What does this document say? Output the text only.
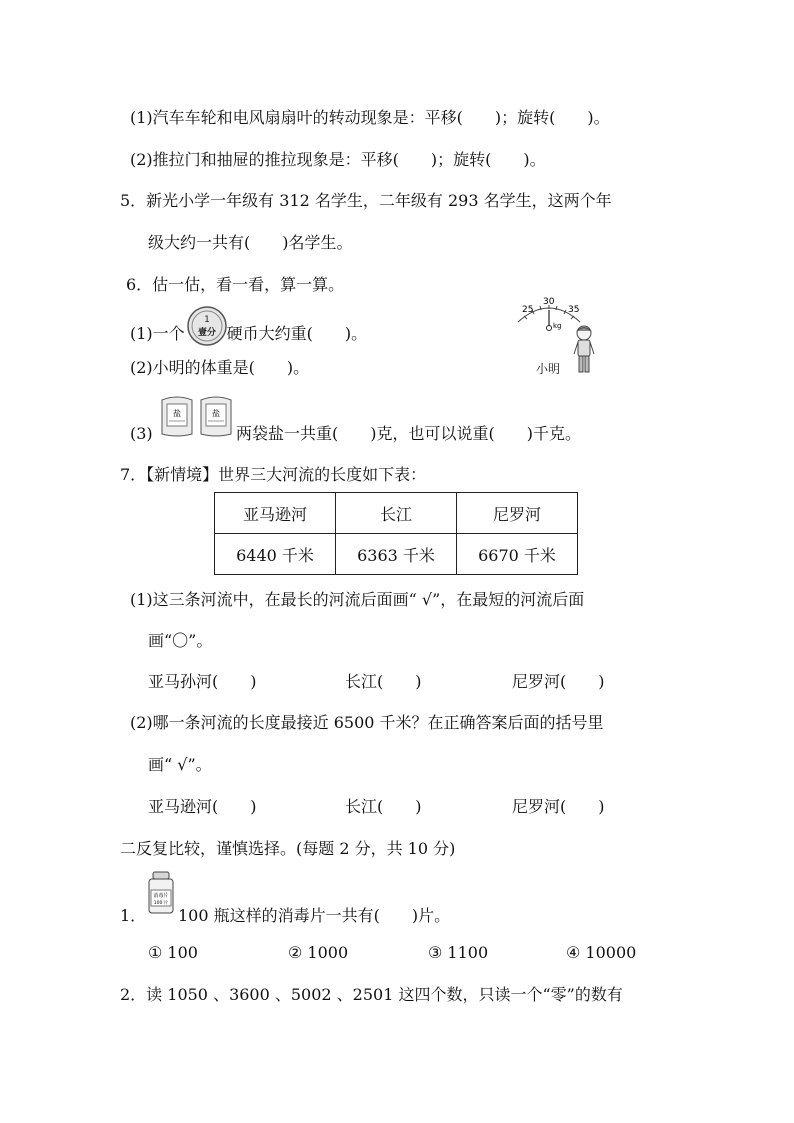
(1)汽车车轮和电风扇扇叶的转动现象是：平移(　　)；旋转(　　)。
(2)推拉门和抽屉的推拉现象是：平移(　　)；旋转(　　)。
5．新光小学一年级有 312 名学生，二年级有 293 名学生，这两个年
级大约一共有(　　)名学生。
6．估一估，看一看，算一算。
(1)一个	硬币大约重(　　)。
1
壹分
(2)小明的体重是(　　)。
25
30
35
kg
小明
盐	盐
(3)	两袋盐一共重(　　)克，也可以说重(　　)千克。
7．【新情境】世界三大河流的长度如下表：
亚马逊河	长江	尼罗河
6440 千米	6363 千米	6670 千米
(1)这三条河流中，在最长的河流后面画“ √”，在最短的河流后面
画“〇”。
亚马孙河(　　)	长江(　　)	尼罗河(　　)
(2)哪一条河流的长度最接近 6500 千米？在正确答案后面的括号里
画“ √”。
亚马逊河(　　)	长江(　　)	尼罗河(　　)
二反复比较，谨慎选择。(每题 2 分，共 10 分)
1．
消毒片
100 片
100 瓶这样的消毒片一共有(　　)片。
① 100	② 1000	③ 1100	④ 10000
2．读 1050 、3600 、5002 、2501 这四个数，只读一个“零”的数有
